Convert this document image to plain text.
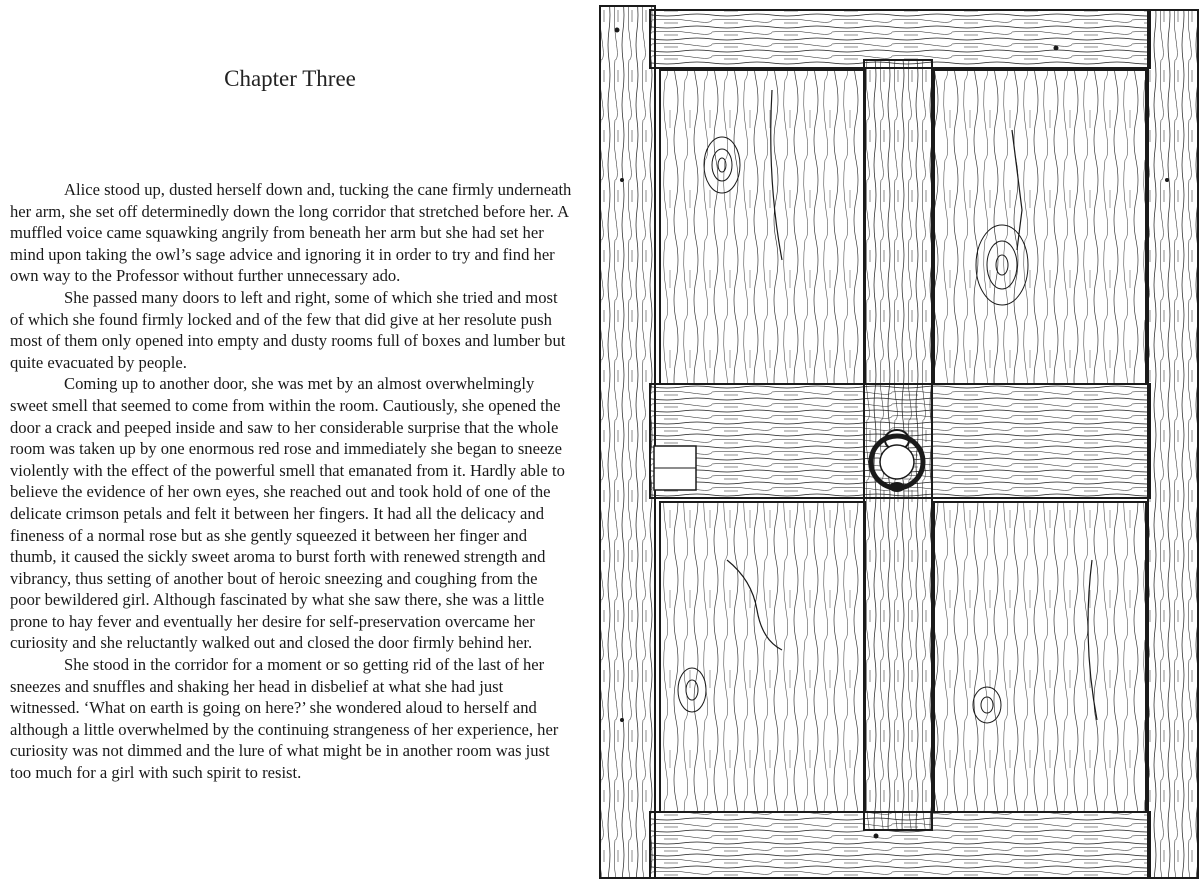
Chapter Three

Alice stood up, dusted herself down and, tucking the cane firmly underneath her arm, she set off determinedly down the long corridor that stretched before her. A muffled voice came squawking angrily from beneath her arm but she had set her mind upon taking the owl’s sage advice and ignoring it in order to try and find her own way to the Professor without further unnecessary ado.

She passed many doors to left and right, some of which she tried and most of which she found firmly locked and of the few that did give at her resolute push most of them only opened into empty and dusty rooms full of boxes and lumber but quite evacuated by people.

Coming up to another door, she was met by an almost overwhelmingly sweet smell that seemed to come from within the room. Cautiously, she opened the door a crack and peeped inside and saw to her considerable surprise that the whole room was taken up by one enormous red rose and immediately she began to sneeze violently with the effect of the powerful smell that emanated from it. Hardly able to believe the evidence of her own eyes, she reached out and took hold of one of the delicate crimson petals and felt it between her fingers. It had all the delicacy and fineness of a normal rose but as she gently squeezed it between her finger and thumb, it caused the sickly sweet aroma to burst forth with renewed strength and vibrancy, thus setting of another bout of heroic sneezing and coughing from the poor bewildered girl. Although fascinated by what she saw there, she was a little prone to hay fever and eventually her desire for self-preservation overcame her curiosity and she reluctantly walked out and closed the door firmly behind her.

She stood in the corridor for a moment or so getting rid of the last of her sneezes and snuffles and shaking her head in disbelief at what she had just witnessed. ‘What on earth is going on here?’ she wondered aloud to herself and although a little overwhelmed by the continuing strangeness of her experience, her curiosity was not dimmed and the lure of what might be in another room was just too much for a girl with such spirit to resist.
